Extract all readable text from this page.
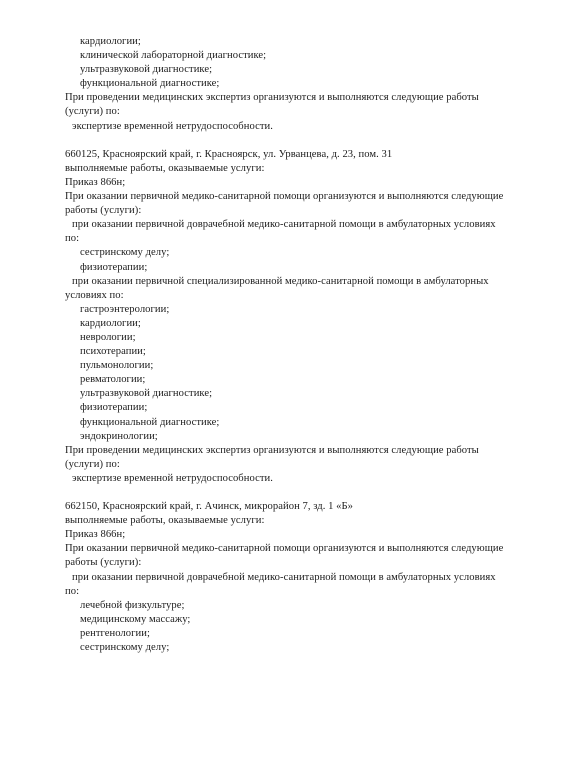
кардиологии;
клинической лабораторной диагностике;
ультразвуковой диагностике;
функциональной диагностике;
При проведении медицинских экспертиз организуются и выполняются следующие работы
(услуги) по:
экспертизе временной нетрудоспособности.
660125, Красноярский край, г. Красноярск, ул. Урванцева, д. 23, пом. 31
выполняемые работы, оказываемые услуги:
Приказ 866н;
При оказании первичной медико-санитарной помощи организуются и выполняются следующие
работы (услуги):
при оказании первичной доврачебной медико-санитарной помощи в амбулаторных условиях
по:
сестринскому делу;
физиотерапии;
при оказании первичной специализированной медико-санитарной помощи в амбулаторных
условиях по:
гастроэнтерологии;
кардиологии;
неврологии;
психотерапии;
пульмонологии;
ревматологии;
ультразвуковой диагностике;
физиотерапии;
функциональной диагностике;
эндокринологии;
При проведении медицинских экспертиз организуются и выполняются следующие работы
(услуги) по:
экспертизе временной нетрудоспособности.
662150, Красноярский край, г. Ачинск, микрорайон 7, зд. 1 «Б»
выполняемые работы, оказываемые услуги:
Приказ 866н;
При оказании первичной медико-санитарной помощи организуются и выполняются следующие
работы (услуги):
при оказании первичной доврачебной медико-санитарной помощи в амбулаторных условиях
по:
лечебной физкультуре;
медицинскому массажу;
рентгенологии;
сестринскому делу;
